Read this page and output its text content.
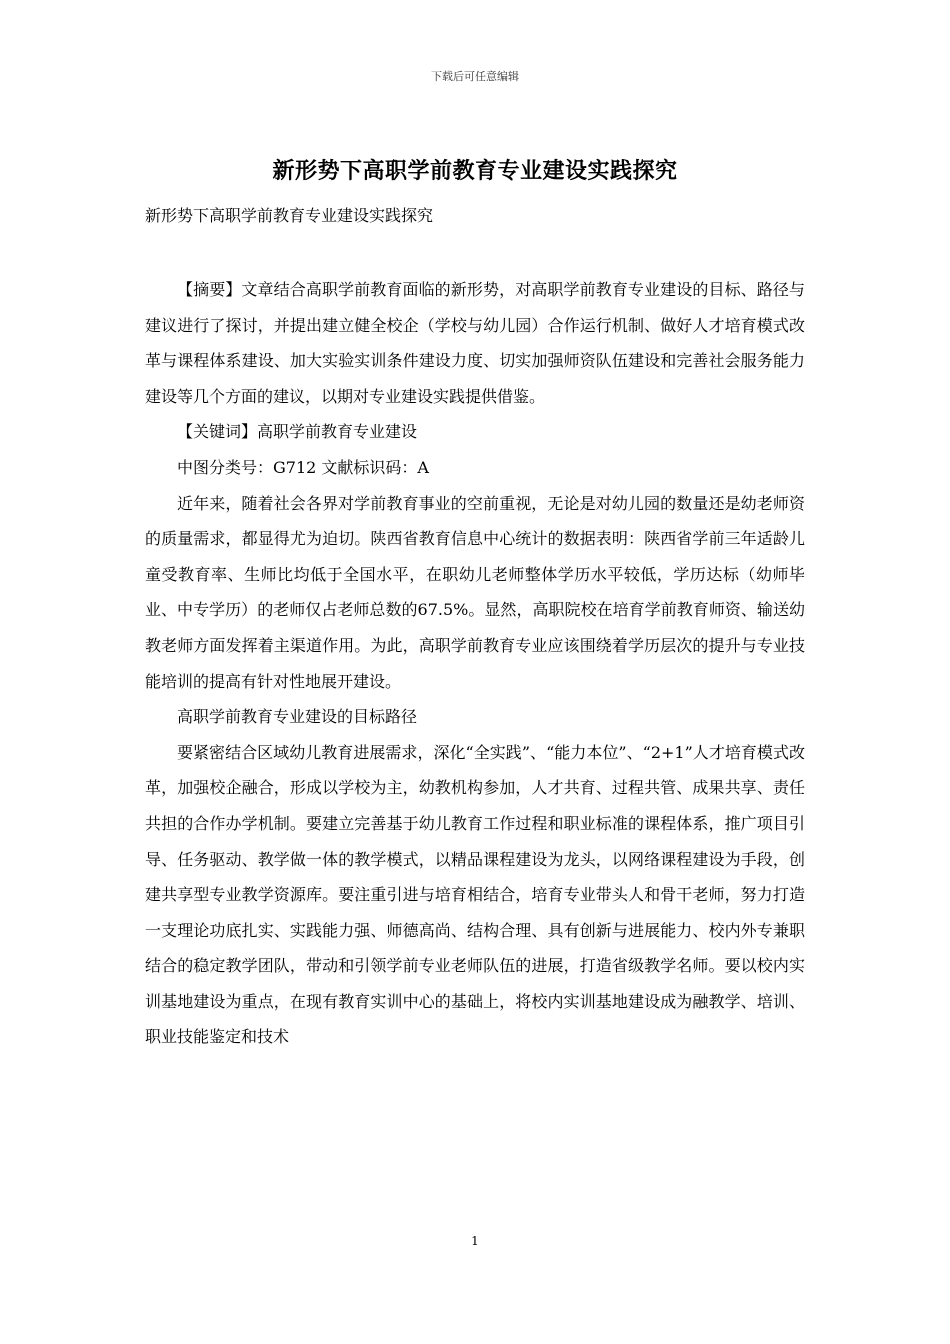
下载后可任意编辑
新形势下高职学前教育专业建设实践探究
新形势下高职学前教育专业建设实践探究

【摘要】文章结合高职学前教育面临的新形势，对高职学前教育专业建设的目标、路径与建议进行了探讨，并提出建立健全校企（学校与幼儿园）合作运行机制、做好人才培育模式改革与课程体系建设、加大实验实训条件建设力度、切实加强师资队伍建设和完善社会服务能力建设等几个方面的建议，以期对专业建设实践提供借鉴。

【关键词】高职学前教育专业建设

中图分类号：G712 文献标识码：A

近年来，随着社会各界对学前教育事业的空前重视，无论是对幼儿园的数量还是幼老师资的质量需求，都显得尤为迫切。陕西省教育信息中心统计的数据表明：陕西省学前三年适龄儿童受教育率、生师比均低于全国水平，在职幼儿老师整体学历水平较低，学历达标（幼师毕业、中专学历）的老师仅占老师总数的67.5%。显然，高职院校在培育学前教育师资、输送幼教老师方面发挥着主渠道作用。为此，高职学前教育专业应该围绕着学历层次的提升与专业技能培训的提高有针对性地展开建设。

高职学前教育专业建设的目标路径

要紧密结合区域幼儿教育进展需求，深化“全实践”、“能力本位”、“2+1”人才培育模式改革，加强校企融合，形成以学校为主，幼教机构参加，人才共育、过程共管、成果共享、责任共担的合作办学机制。要建立完善基于幼儿教育工作过程和职业标准的课程体系，推广项目引导、任务驱动、教学做一体的教学模式，以精品课程建设为龙头，以网络课程建设为手段，创建共享型专业教学资源库。要注重引进与培育相结合，培育专业带头人和骨干老师，努力打造一支理论功底扎实、实践能力强、师德高尚、结构合理、具有创新与进展能力、校内外专兼职结合的稳定教学团队，带动和引领学前专业老师队伍的进展，打造省级教学名师。要以校内实训基地建设为重点，在现有教育实训中心的基础上，将校内实训基地建设成为融教学、培训、职业技能鉴定和技术

1
